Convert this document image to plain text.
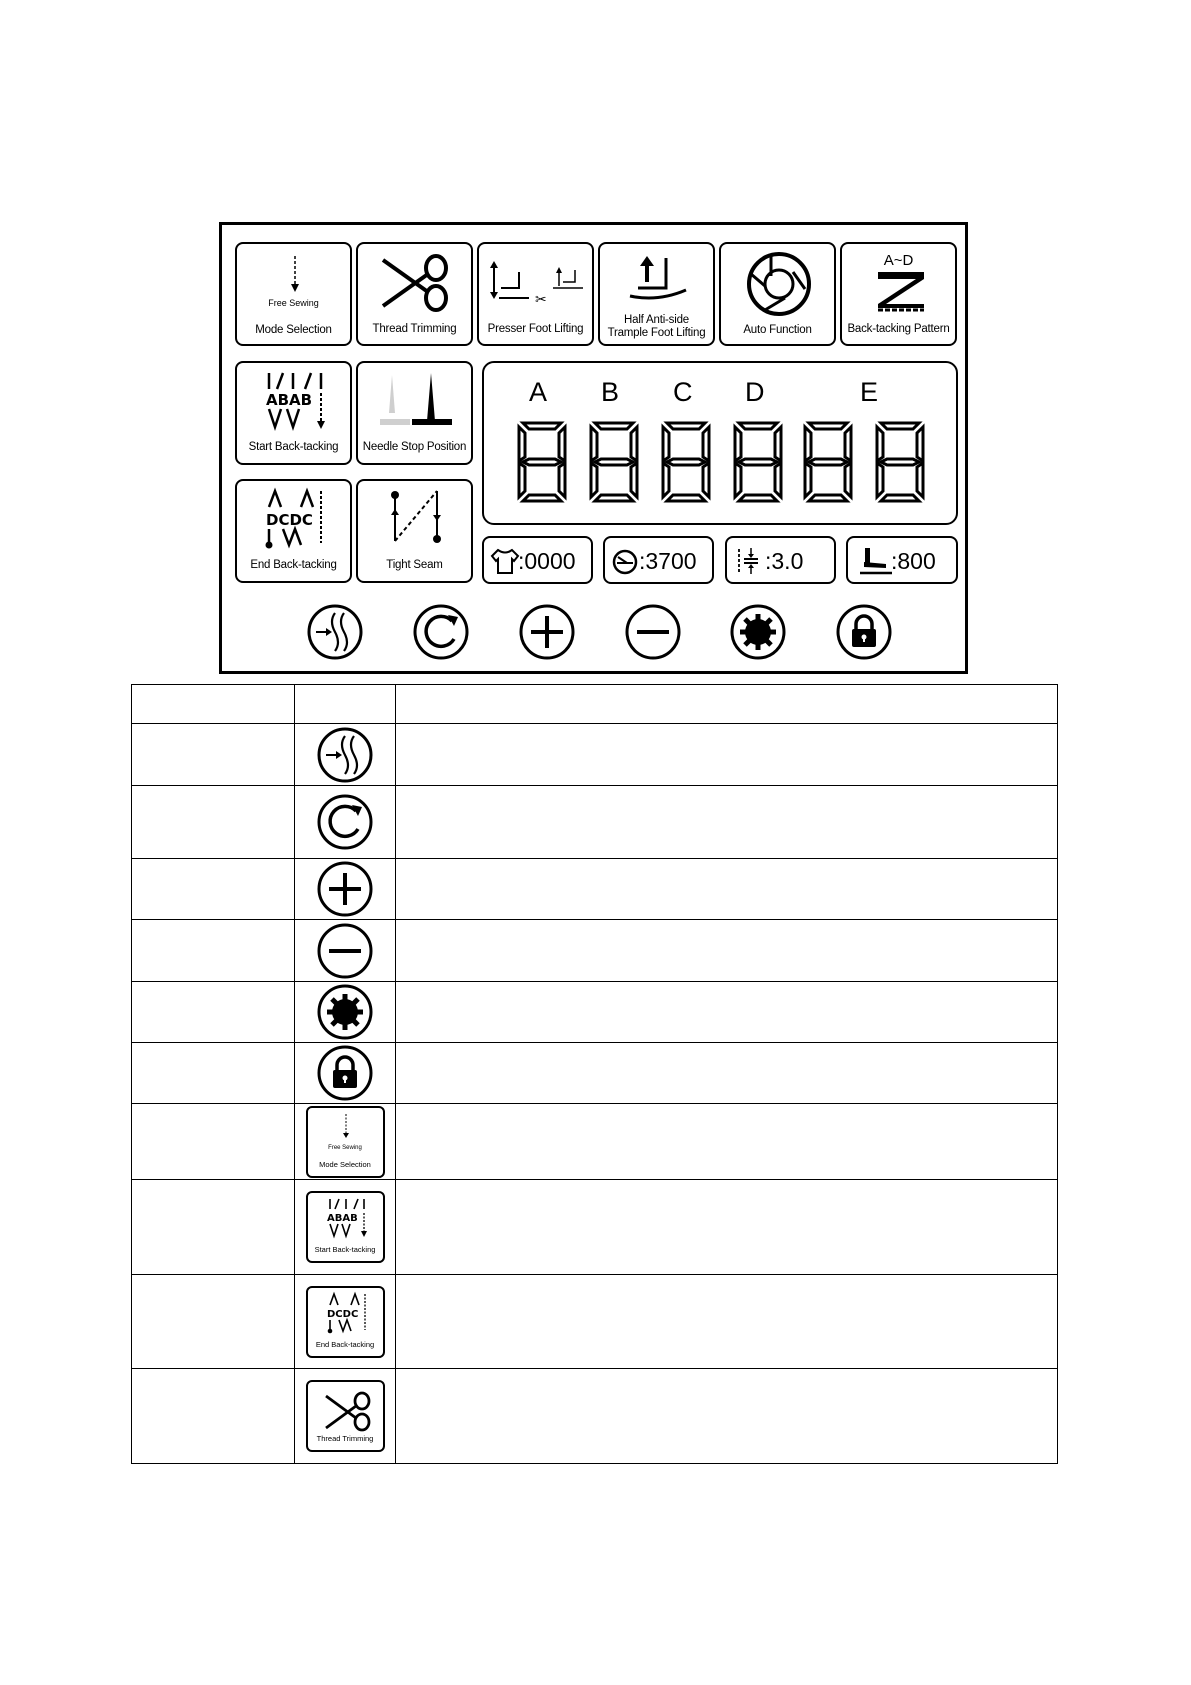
Free Sewing
Mode Selection	Thread Trimming
✂
Presser Foot Lifting
Half Anti-side
Trample Foot Lifting	Auto Function
A~D
Back-tacking Pattern
ABAB
Start Back-tacking	Needle Stop Position
DCDC
End Back-tacking	Tight Seam
A B C D	E
:0000	:3700	:3.0	:800

	Free Sewing
Mode Selection	

ABAB
Start Back-tacking	

DCDC
End Back-tacking	

	Thread Trimming	
